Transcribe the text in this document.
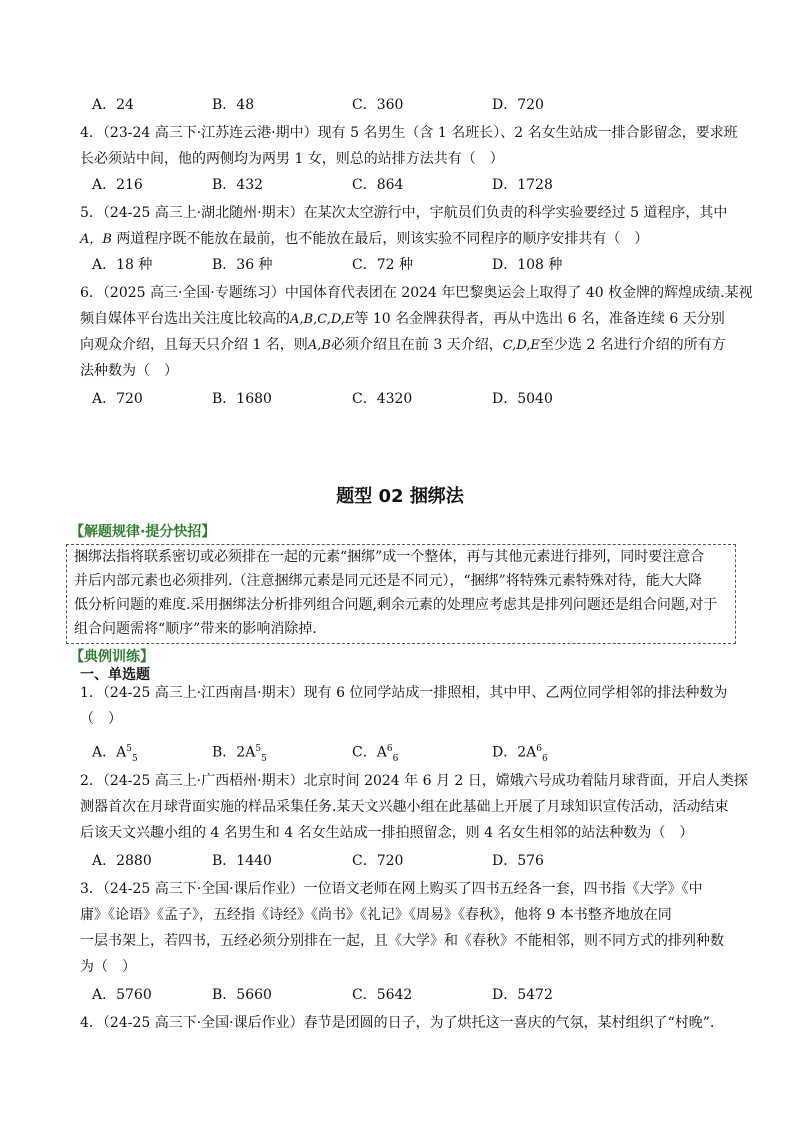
A．24	B．48	C．360	D．720
4．（23-24 高三下·江苏连云港·期中）现有 5 名男生（含 1 名班长）、2 名女生站成一排合影留念，要求班
长必须站中间，他的两侧均为两男 1 女，则总的站排方法共有（　）
A．216	B．432	C．864	D．1728
5．（24-25 高三上·湖北随州·期末）在某次太空游行中，宇航员们负责的科学实验要经过 5 道程序，其中
A，B 两道程序既不能放在最前，也不能放在最后，则该实验不同程序的顺序安排共有（　）
A．18 种	B．36 种	C．72 种	D．108 种
6．（2025 高三·全国·专题练习）中国体育代表团在 2024 年巴黎奥运会上取得了 40 枚金牌的辉煌成绩.某视
频自媒体平台选出关注度比较高的A,B,C,D,E等 10 名金牌获得者，再从中选出 6 名，准备连续 6 天分别
向观众介绍，且每天只介绍 1 名，则A,B必须介绍且在前 3 天介绍，C,D,E至少选 2 名进行介绍的所有方
法种数为（　）
A．720	B．1680	C．4320	D．5040
题型 02 捆绑法
【解题规律·提分快招】
捆绑法指将联系密切或必须排在一起的元素“捆绑”成一个整体，再与其他元素进行排列，同时要注意合
并后内部元素也必须排列.（注意捆绑元素是同元还是不同元），“捆绑”将特殊元素特殊对待，能大大降
低分析问题的难度.采用捆绑法分析排列组合问题,剩余元素的处理应考虑其是排列问题还是组合问题,对于
组合问题需将“顺序”带来的影响消除掉.
【典例训练】
一、单选题
1．（24-25 高三上·江西南昌·期末）现有 6 位同学站成一排照相，其中甲、乙两位同学相邻的排法种数为
（　）
A．$A^5_5$	B．$2A^5_5$	C．$A^6_6$	D．$2A^6_6$
2．（24-25 高三上·广西梧州·期末）北京时间 2024 年 6 月 2 日，嫦娥六号成功着陆月球背面，开启人类探
测器首次在月球背面实施的样品采集任务.某天文兴趣小组在此基础上开展了月球知识宣传活动，活动结束
后该天文兴趣小组的 4 名男生和 4 名女生站成一排拍照留念，则 4 名女生相邻的站法种数为（　）
A．2880	B．1440	C．720	D．576
3．（24-25 高三下·全国·课后作业）一位语文老师在网上购买了四书五经各一套，四书指《大学》《中
庸》《论语》《孟子》，五经指《诗经》《尚书》《礼记》《周易》《春秋》，他将 9 本书整齐地放在同
一层书架上，若四书，五经必须分别排在一起，且《大学》和《春秋》不能相邻，则不同方式的排列种数
为（　）
A．5760	B．5660	C．5642	D．5472
4．（24-25 高三下·全国·课后作业）春节是团圆的日子，为了烘托这一喜庆的气氛，某村组织了“村晚”.
